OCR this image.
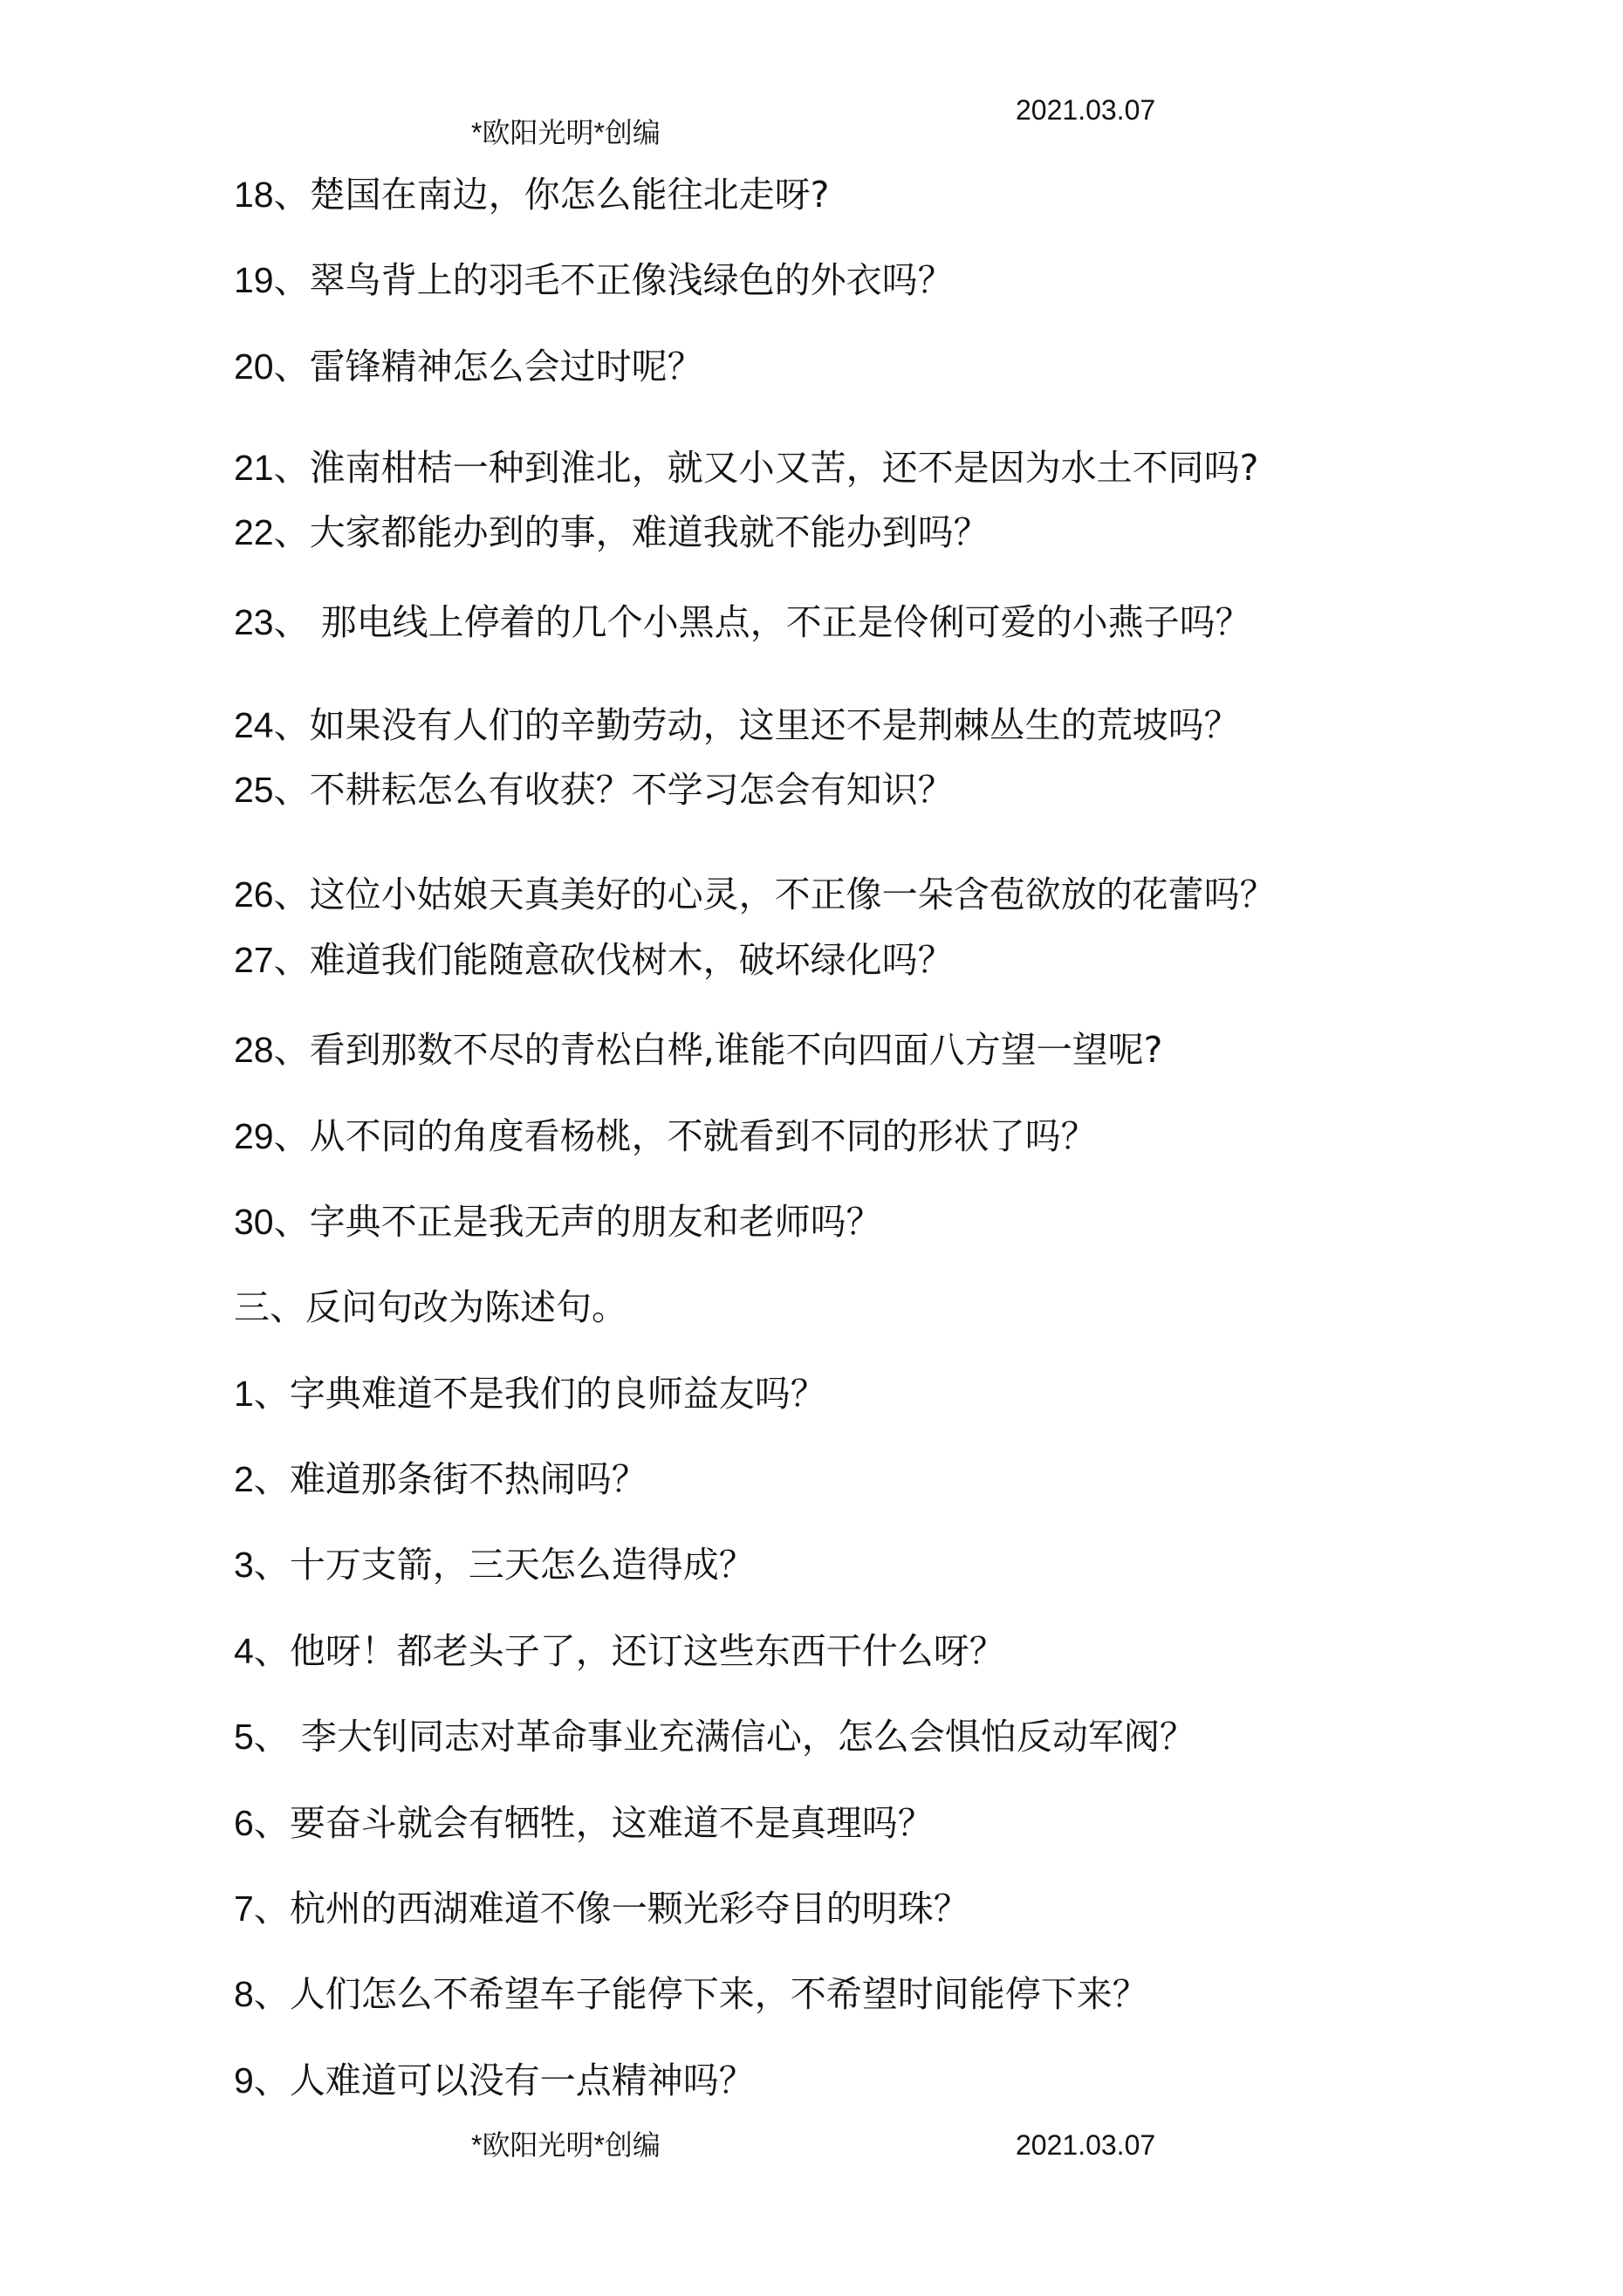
*欧阳光明*创编
2021.03.07
18、楚国在南边，你怎么能往北走呀?
19、翠鸟背上的羽毛不正像浅绿色的外衣吗？
20、雷锋精神怎么会过时呢？
21、淮南柑桔一种到淮北，就又小又苦，还不是因为水土不同吗?
22、大家都能办到的事，难道我就不能办到吗？
23、 那电线上停着的几个小黑点，不正是伶俐可爱的小燕子吗？
24、如果没有人们的辛勤劳动，这里还不是荆棘丛生的荒坡吗？
25、不耕耘怎么有收获？不学习怎会有知识？
26、这位小姑娘天真美好的心灵，不正像一朵含苞欲放的花蕾吗？
27、难道我们能随意砍伐树木，破坏绿化吗？
28、看到那数不尽的青松白桦,谁能不向四面八方望一望呢?
29、从不同的角度看杨桃，不就看到不同的形状了吗？
30、字典不正是我无声的朋友和老师吗？
三、反问句改为陈述句。
1、字典难道不是我们的良师益友吗？
2、难道那条街不热闹吗？
3、十万支箭，三天怎么造得成？
4、他呀！都老头子了，还订这些东西干什么呀？
5、 李大钊同志对革命事业充满信心，怎么会惧怕反动军阀？
6、要奋斗就会有牺牲，这难道不是真理吗？
7、杭州的西湖难道不像一颗光彩夺目的明珠？
8、人们怎么不希望车子能停下来，不希望时间能停下来？
9、人难道可以没有一点精神吗？
*欧阳光明*创编	2021.03.07
